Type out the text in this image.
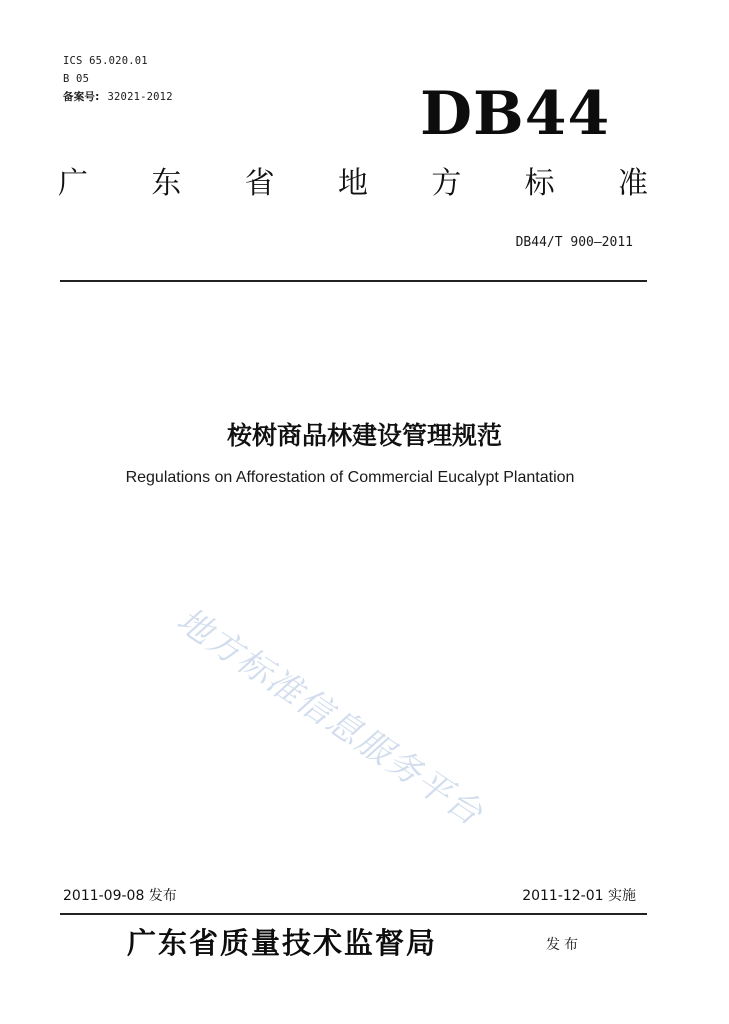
ICS 65.020.01
B 05
备案号: 32021-2012	DB44
广 东 省 地 方 标 准
DB44/T 900—2011
桉树商品林建设管理规范
Regulations on Afforestation of Commercial Eucalypt Plantation
地方标准信息服务平台
2011-09-08 发布	2011-12-01 实施
广东省质量技术监督局	发布
